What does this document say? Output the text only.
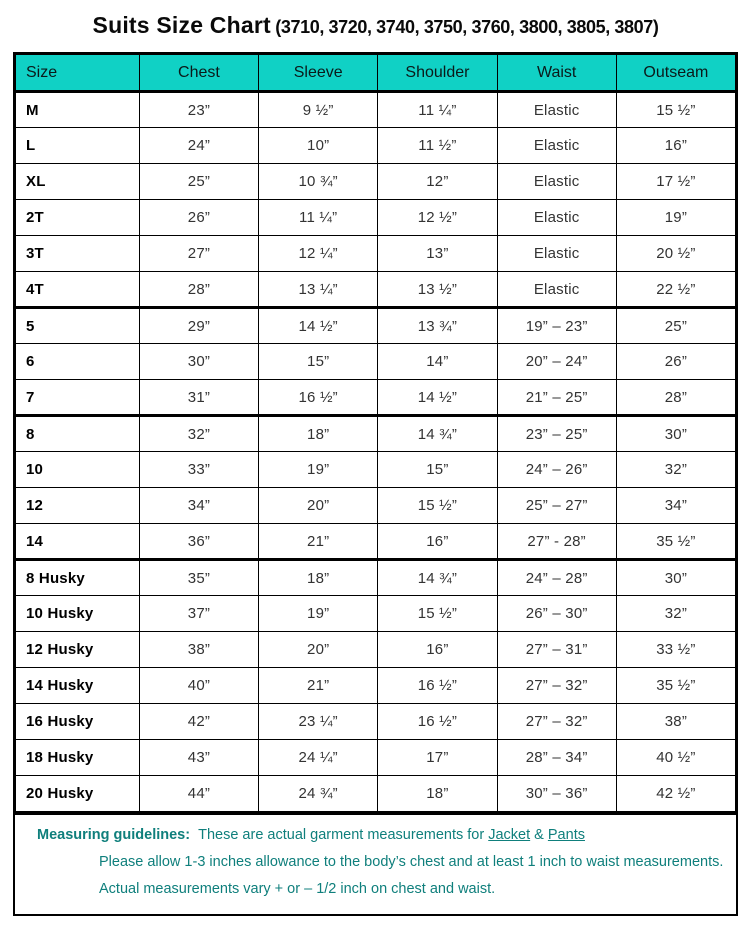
Suits Size Chart (3710, 3720, 3740, 3750, 3760, 3800, 3805, 3807)
Size	Chest	Sleeve	Shoulder	Waist	Outseam
M	23”	9 ½”	11 ¼”	Elastic	15 ½”
L	24”	10”	11 ½”	Elastic	16”
XL	25”	10 ¾”	12”	Elastic	17 ½”
2T	26”	11 ¼”	12 ½”	Elastic	19”
3T	27”	12 ¼”	13”	Elastic	20 ½”
4T	28”	13 ¼”	13 ½”	Elastic	22 ½”
5	29”	14 ½”	13 ¾”	19” – 23”	25”
6	30”	15”	14”	20” – 24”	26”
7	31”	16 ½”	14 ½”	21” – 25”	28”
8	32”	18”	14 ¾”	23” – 25”	30”
10	33”	19”	15”	24” – 26”	32”
12	34”	20”	15 ½”	25” – 27”	34”
14	36”	21”	16”	27” - 28”	35 ½”
8 Husky	35”	18”	14 ¾”	24” – 28”	30”
10 Husky	37”	19”	15 ½”	26” – 30”	32”
12 Husky	38”	20”	16”	27” – 31”	33 ½”
14 Husky	40”	21”	16 ½”	27” – 32”	35 ½”
16 Husky	42”	23 ¼”	16 ½”	27” – 32”	38”
18 Husky	43”	24 ¼”	17”	28” – 34”	40 ½”
20 Husky	44”	24 ¾”	18”	30” – 36”	42 ½”
Measuring guidelines: These are actual garment measurements for Jacket & Pants
Please allow 1-3 inches allowance to the body’s chest and at least 1 inch to waist measurements.
Actual measurements vary + or – 1/2 inch on chest and waist.
